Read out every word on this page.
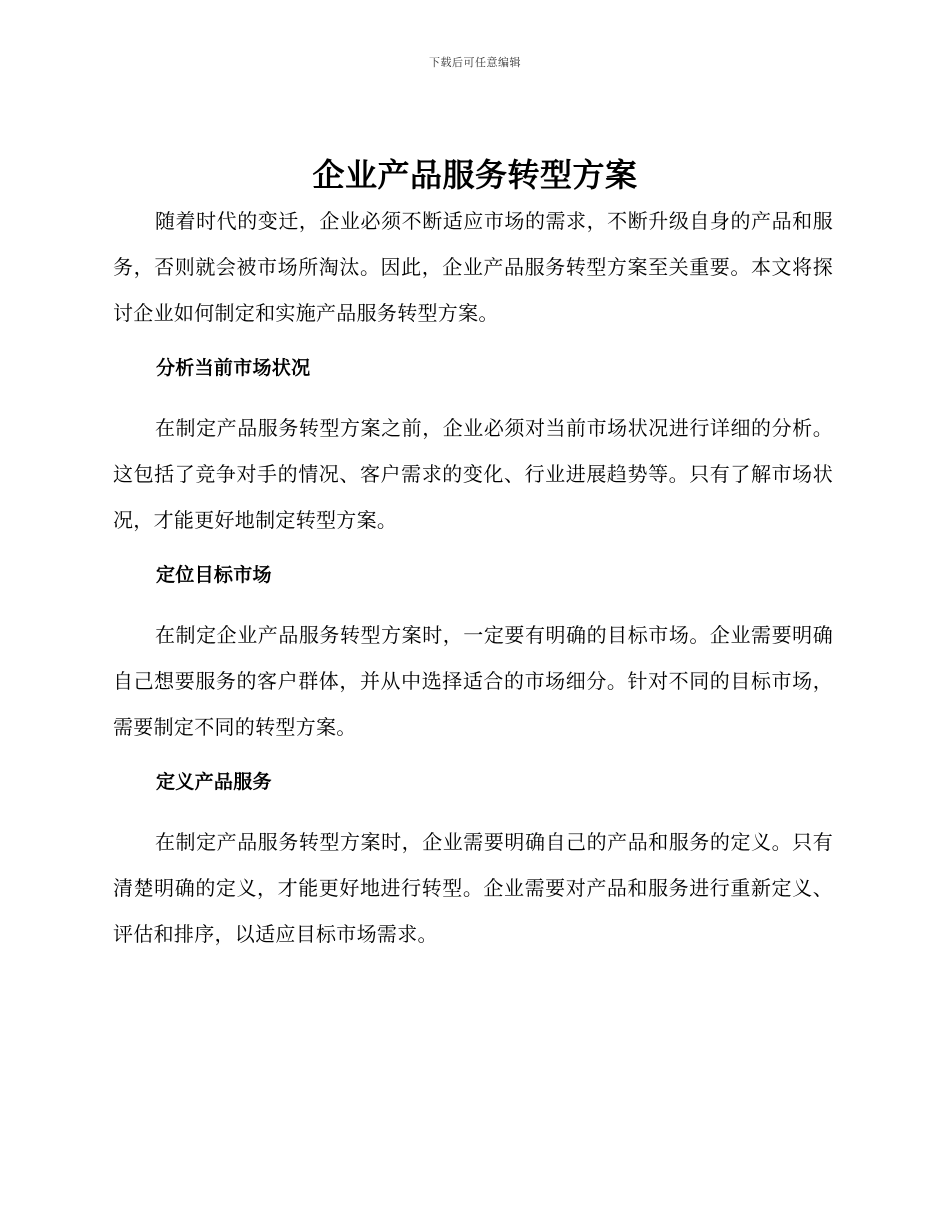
下载后可任意编辑
企业产品服务转型方案

随着时代的变迁，企业必须不断适应市场的需求，不断升级自身的产品和服务，否则就会被市场所淘汰。因此，企业产品服务转型方案至关重要。本文将探讨企业如何制定和实施产品服务转型方案。

分析当前市场状况

在制定产品服务转型方案之前，企业必须对当前市场状况进行详细的分析。这包括了竞争对手的情况、客户需求的变化、行业进展趋势等。只有了解市场状况，才能更好地制定转型方案。

定位目标市场

在制定企业产品服务转型方案时，一定要有明确的目标市场。企业需要明确自己想要服务的客户群体，并从中选择适合的市场细分。针对不同的目标市场，需要制定不同的转型方案。

定义产品服务

在制定产品服务转型方案时，企业需要明确自己的产品和服务的定义。只有清楚明确的定义，才能更好地进行转型。企业需要对产品和服务进行重新定义、评估和排序，以适应目标市场需求。
